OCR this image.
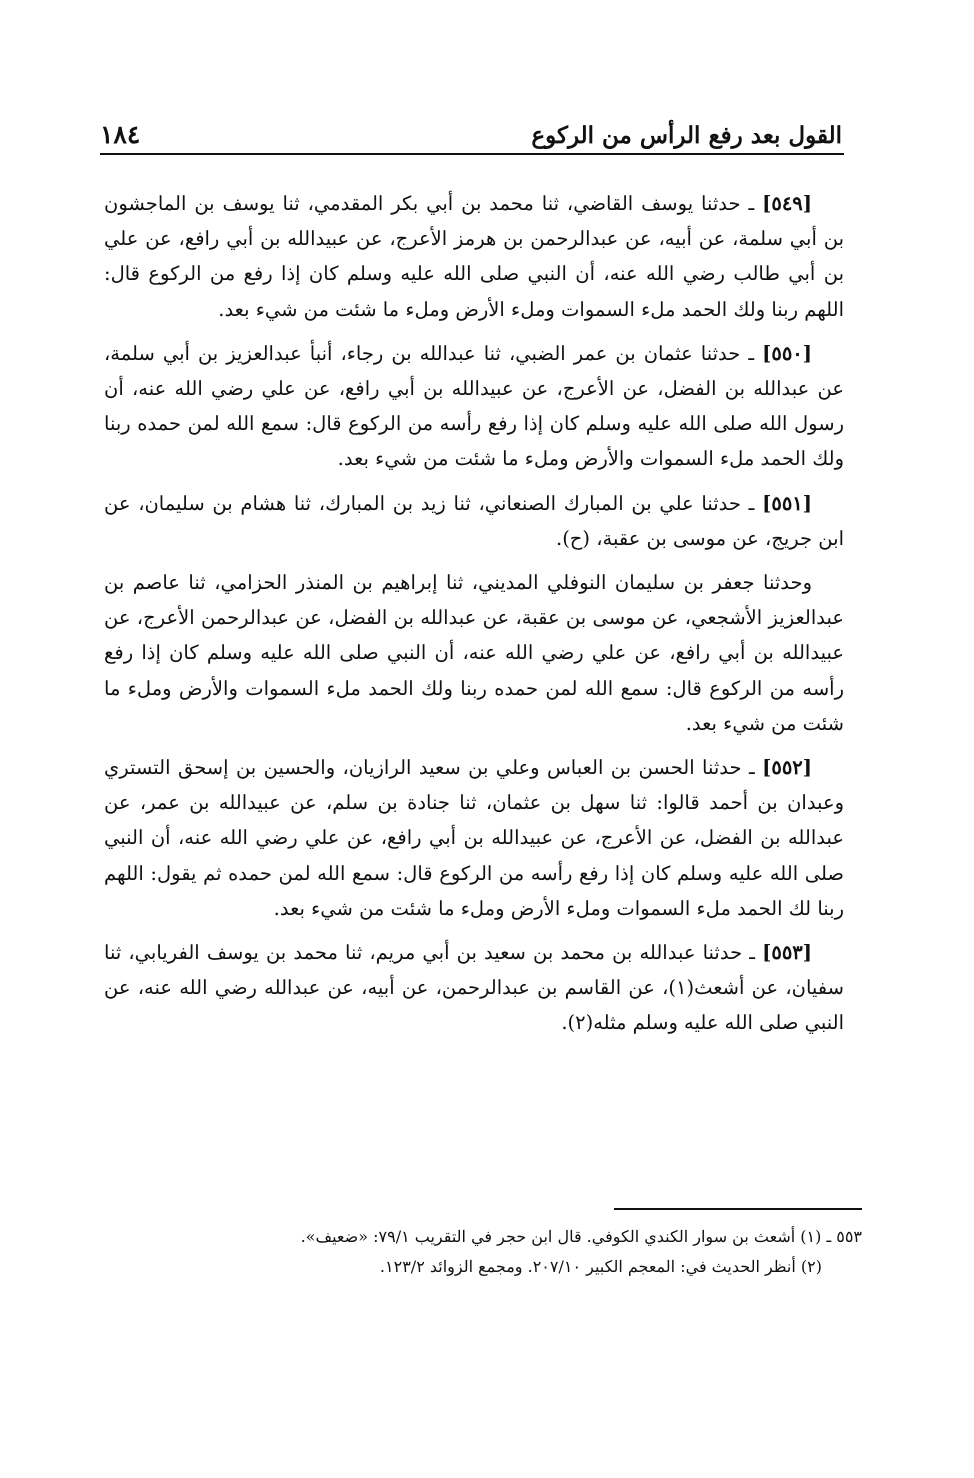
القول بعد رفع الرأس من الركوع
١٨٤

[٥٤٩] ـ حدثنا يوسف القاضي، ثنا محمد بن أبي بكر المقدمي، ثنا يوسف بن الماجشون بن أبي سلمة، عن أبيه، عن عبدالرحمن بن هرمز الأعرج، عن عبيدالله بن أبي رافع، عن علي بن أبي طالب رضي الله عنه، أن النبي صلى الله عليه وسلم كان إذا رفع من الركوع قال: اللهم ربنا ولك الحمد ملء السموات وملء الأرض وملء ما شئت من شيء بعد.

[٥٥٠] ـ حدثنا عثمان بن عمر الضبي، ثنا عبدالله بن رجاء، أنبأ عبدالعزيز بن أبي سلمة، عن عبدالله بن الفضل، عن الأعرج، عن عبيدالله بن أبي رافع، عن علي رضي الله عنه، أن رسول الله صلى الله عليه وسلم كان إذا رفع رأسه من الركوع قال: سمع الله لمن حمده ربنا ولك الحمد ملء السموات والأرض وملء ما شئت من شيء بعد.

[٥٥١] ـ حدثنا علي بن المبارك الصنعاني، ثنا زيد بن المبارك، ثنا هشام بن سليمان، عن ابن جريج، عن موسى بن عقبة، (ح).

وحدثنا جعفر بن سليمان النوفلي المديني، ثنا إبراهيم بن المنذر الحزامي، ثنا عاصم بن عبدالعزيز الأشجعي، عن موسى بن عقبة، عن عبدالله بن الفضل، عن عبدالرحمن الأعرج، عن عبيدالله بن أبي رافع، عن علي رضي الله عنه، أن النبي صلى الله عليه وسلم كان إذا رفع رأسه من الركوع قال: سمع الله لمن حمده ربنا ولك الحمد ملء السموات والأرض وملء ما شئت من شيء بعد.

[٥٥٢] ـ حدثنا الحسن بن العباس وعلي بن سعيد الرازيان، والحسين بن إسحق التستري وعبدان بن أحمد قالوا: ثنا سهل بن عثمان، ثنا جنادة بن سلم، عن عبيدالله بن عمر، عن عبدالله بن الفضل، عن الأعرج، عن عبيدالله بن أبي رافع، عن علي رضي الله عنه، أن النبي صلى الله عليه وسلم كان إذا رفع رأسه من الركوع قال: سمع الله لمن حمده ثم يقول: اللهم ربنا لك الحمد ملء السموات وملء الأرض وملء ما شئت من شيء بعد.

[٥٥٣] ـ حدثنا عبدالله بن محمد بن سعيد بن أبي مريم، ثنا محمد بن يوسف الفريابي، ثنا سفيان، عن أشعث(١)، عن القاسم بن عبدالرحمن، عن أبيه، عن عبدالله رضي الله عنه، عن النبي صلى الله عليه وسلم مثله(٢).

٥٥٣ ـ (١) أشعث بن سوار الكندي الكوفي. قال ابن حجر في التقريب ٧٩/١: «ضعيف».

(٢) أنظر الحديث في: المعجم الكبير ٢٠٧/١٠. ومجمع الزوائد ١٢٣/٢.
